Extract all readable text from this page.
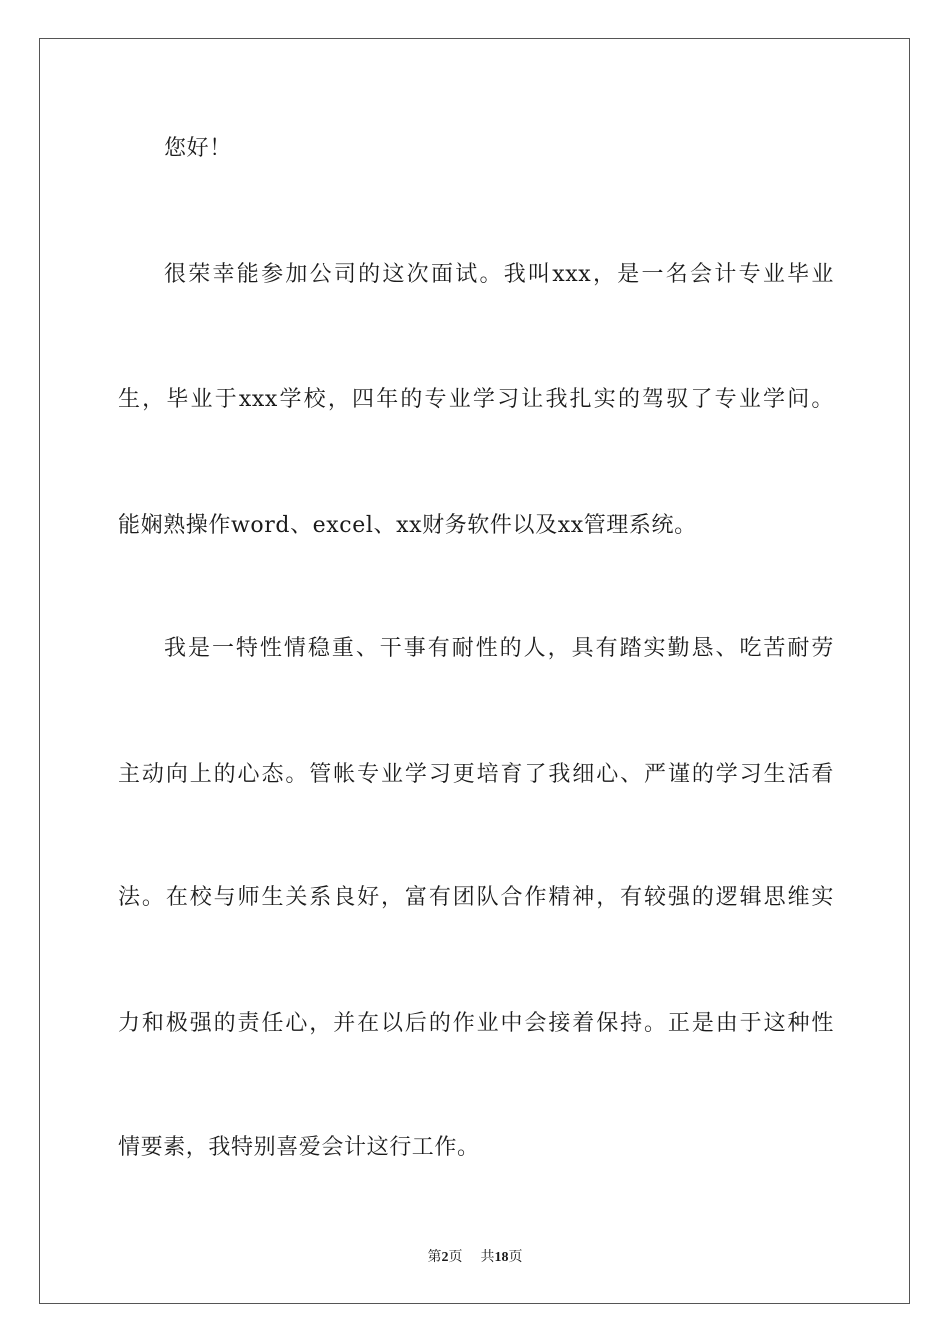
您好！
很荣幸能参加公司的这次面试。我叫xxx，是一名会计专业毕业
生，毕业于xxx学校，四年的专业学习让我扎实的驾驭了专业学问。
能娴熟操作word、excel、xx财务软件以及xx管理系统。
我是一特性情稳重、干事有耐性的人，具有踏实勤恳、吃苦耐劳
主动向上的心态。管帐专业学习更培育了我细心、严谨的学习生活看
法。在校与师生关系良好，富有团队合作精神，有较强的逻辑思维实
力和极强的责任心，并在以后的作业中会接着保持。正是由于这种性
情要素，我特别喜爱会计这行工作。
第2页 共18页
